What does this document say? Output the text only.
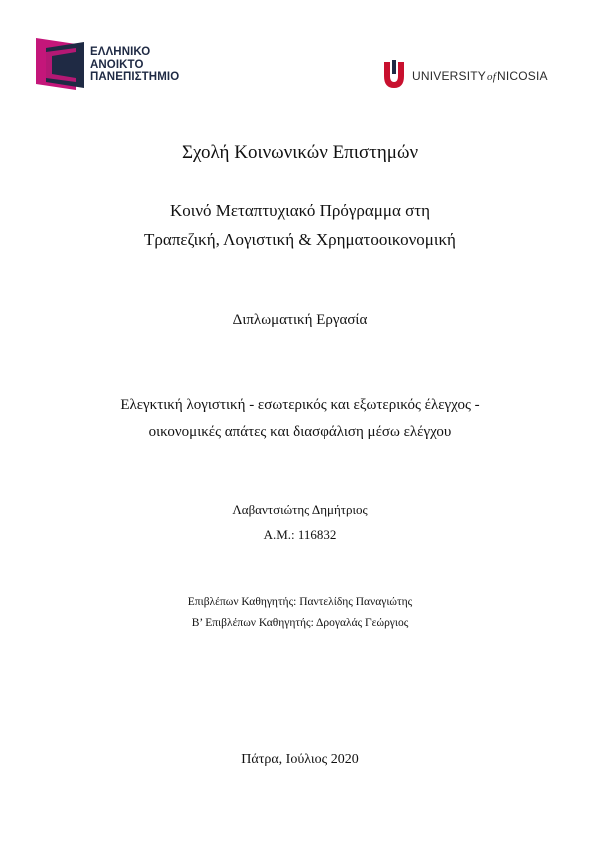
ΕΛΛΗΝΙΚΟ
ΑΝΟΙΚΤΟ
ΠΑΝΕΠΙΣΤΗΜΙΟ	UNIVERSITYofNICOSIA
Σχολή Κοινωνικών Επιστημών
Κοινό Μεταπτυχιακό Πρόγραμμα στη
Τραπεζική, Λογιστική & Χρηματοοικονομική
Διπλωματική Εργασία
Ελεγκτική λογιστική - εσωτερικός και εξωτερικός έλεγχος -
οικονομικές απάτες και διασφάλιση μέσω ελέγχου
Λαβαντσιώτης Δημήτριος
Α.Μ.: 116832
Επιβλέπων Καθηγητής: Παντελίδης Παναγιώτης
Β’ Επιβλέπων Καθηγητής: Δρογαλάς Γεώργιος
Πάτρα, Ιούλιος 2020
